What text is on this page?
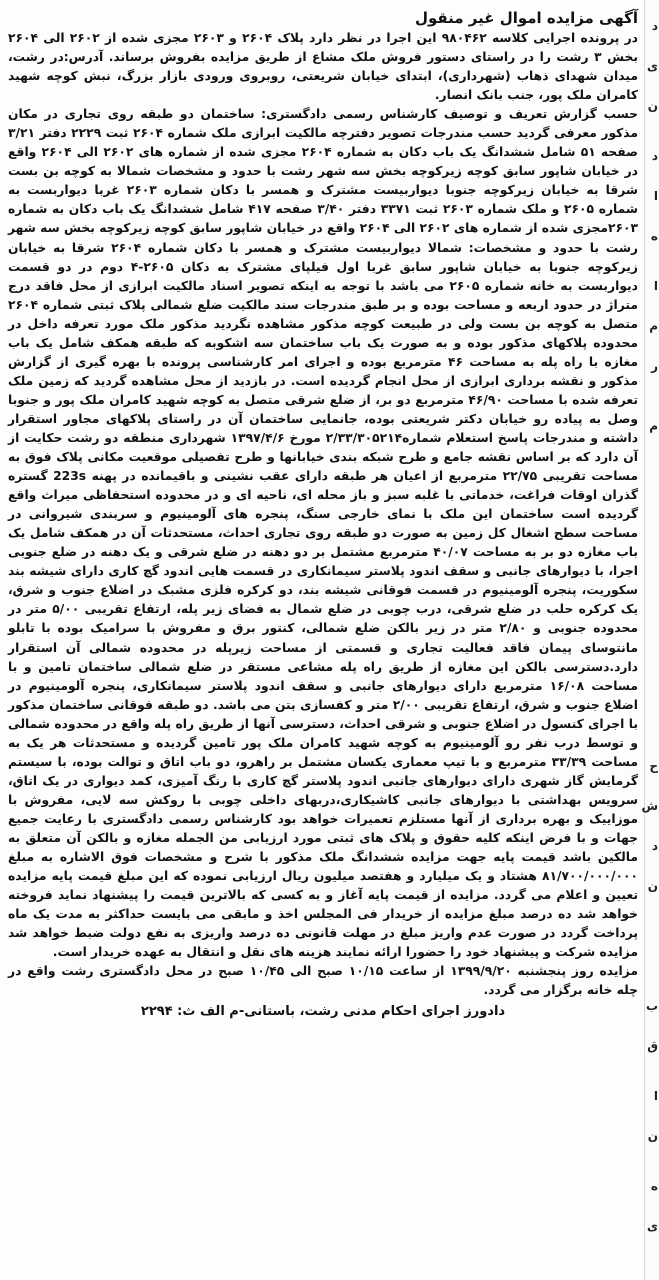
آگهی مزایده اموال غیر منقول

در پرونده اجرایی کلاسه ۹۸۰۴۶۲ این اجرا در نظر دارد پلاک ۲۶۰۴ و ۲۶۰۳ مجزی شده از ۲۶۰۲ الی ۲۶۰۴ بخش ۳ رشت را در راستای دستور فروش ملک مشاع از طریق مزایده بفروش برساند. آدرس:در رشت، میدان شهدای ذهاب (شهرداری)، ابتدای خیابان شریعتی، روبروی ورودی بازار بزرگ، نبش کوچه شهید کامران ملک پور، جنب بانک انصار.

حسب گزارش تعریف و توصیف کارشناس رسمی دادگستری: ساختمان دو طبقه روی تجاری در مکان مذکور معرفی گردید حسب مندرجات تصویر دفترچه مالکیت ابرازی ملک شماره ۲۶۰۴ ثبت ۲۲۲۹ دفتر ۳/۲۱ صفحه ۵۱ شامل ششدانگ یک باب دکان به شماره ۲۶۰۴ مجزی شده از شماره های ۲۶۰۲ الی ۲۶۰۴ واقع در خیابان شاپور سابق کوچه زیرکوچه بخش سه شهر رشت با حدود و مشخصات شمالا به کوچه بن بست شرقا به خیابان زیرکوچه جنوبا دیواربیست مشترک و همسر با دکان شماره ۲۶۰۳ غربا دیواربست به شماره ۲۶۰۵ و ملک شماره ۲۶۰۳ ثبت ۳۳۷۱ دفتر ۳/۴۰ صفحه ۴۱۷ شامل ششدانگ یک باب دکان به شماره ۲۶۰۳مجزی شده از شماره های ۲۶۰۲ الی ۲۶۰۴ واقع در خیابان شاپور سابق کوچه زیرکوچه بخش سه شهر رشت با حدود و مشخصات: شمالا دیواربیست مشترک و همسر با دکان شماره ۲۶۰۴ شرقا به خیابان زیرکوچه جنوبا به خیابان شاپور سابق غربا اول فیلپای مشترک به دکان ۲۶۰۵-۴ دوم در دو قسمت دیواربست به خانه شماره ۲۶۰۵ می باشد با توجه به اینکه تصویر اسناد مالکیت ابرازی از محل فاقد درج متراژ در حدود اربعه و مساحت بوده و بر طبق مندرجات سند مالکیت ضلع شمالی پلاک ثبتی شماره ۲۶۰۴ متصل به کوچه بن بست ولی در طبیعت کوچه مذکور مشاهده نگردید مذکور ملک مورد تعرفه داخل در محدوده پلاکهای مذکور بوده و به صورت یک باب ساختمان سه اشکوبه که طبقه همکف شامل یک باب مغازه با راه پله به مساحت ۴۶ مترمربع بوده و اجرای امر کارشناسی پرونده با بهره گیری از گزارش مذکور و نقشه برداری ابرازی از محل انجام گردیده است. در بازدید از محل مشاهده گردید که زمین ملک تعرفه شده با مساحت ۴۶/۹۰ مترمربع دو بر، از ضلع شرقی متصل به کوچه شهید کامران ملک پور و جنوبا وصل به پیاده رو خیابان دکتر شریعتی بوده، جانمایی ساختمان آن در راستای پلاکهای مجاور استقرار داشته و مندرجات پاسخ استعلام شماره۲/۳۳/۳۰۵۲۱۴ مورخ ۱۳۹۷/۴/۶ شهرداری منطقه دو رشت حکایت از آن دارد که بر اساس نقشه جامع و طرح شبکه بندی خیابانها و طرح تفصیلی موقعیت مکانی پلاک فوق به مساحت تقریبی ۲۲/۷۵ مترمربع از اعیان هر طبقه دارای عقب نشینی و باقیمانده در پهنه 223s گستره گذران اوقات فراغت، خدماتی با غلبه سبز و باز محله ای، ناحیه ای و در محدوده استحفاظی میراث واقع گردیده است ساختمان این ملک با نمای خارجی سنگ، پنجره های آلومینیوم و سربندی شیروانی در مساحت سطح اشغال کل زمین به صورت دو طبقه روی تجاری احداث، مستحدثات آن در همکف شامل یک باب مغازه دو بر به مساحت ۴۰/۰۷ مترمربع مشتمل بر دو دهنه در ضلع شرقی و یک دهنه در ضلع جنوبی اجرا، با دیوارهای جانبی و سقف اندود پلاستر سیمانکاری در قسمت هایی اندود گچ کاری دارای شیشه بند سکوریت، پنجره آلومینیوم در قسمت فوقانی شیشه بند، دو کرکره فلزی مشبک در اضلاع جنوب و شرق، یک کرکره حلب در ضلع شرقی، درب چوبی در ضلع شمال به فضای زیر پله، ارتفاع تقریبی ۵/۰۰ متر در محدوده جنوبی و ۲/۸۰ متر در زیر بالکن ضلع شمالی، کنتور برق و مفروش با سرامیک بوده با تابلو مانتوسای پیمان فاقد فعالیت تجاری و قسمتی از مساحت زیرپله در محدوده شمالی آن استقرار دارد.دسترسی بالکن این مغازه از طریق راه پله مشاعی مستقر در ضلع شمالی ساختمان تامین و با مساحت ۱۶/۰۸ مترمربع دارای دیوارهای جانبی و سقف اندود پلاستر سیمانکاری، پنجره آلومینیوم در اضلاع جنوب و شرق، ارتفاع تقریبی ۲/۰۰ متر و کفسازی بتن می باشد. دو طبقه فوقانی ساختمان مذکور با اجرای کنسول در اضلاع جنوبی و شرقی احداث، دسترسی آنها از طریق راه پله واقع در محدوده شمالی و توسط درب نفر رو آلومینیوم به کوچه شهید کامران ملک پور تامین گردیده و مستحدثات هر یک به مساحت ۳۳/۳۹ مترمربع و با تیپ معماری یکسان مشتمل بر راهرو، دو باب اتاق و توالت بوده، با سیستم گرمایش گاز شهری دارای دیوارهای جانبی اندود پلاستر گچ کاری با رنگ آمیزی، کمد دیواری در یک اتاق، سرویس بهداشتی با دیوارهای جانبی کاشیکاری،دربهای داخلی چوبی با روکش سه لایی، مفروش با موزاییک و بهره برداری از آنها مستلزم تعمیرات خواهد بود کارشناس رسمی دادگستری با رعایت جمیع جهات و با فرض اینکه کلیه حقوق و پلاک های ثبتی مورد ارزیابی من الجمله مغازه و بالکن آن متعلق به مالکین باشد قیمت پایه جهت مزایده ششدانگ ملک مذکور با شرح و مشخصات فوق الاشاره به مبلغ ۸۱/۷۰۰/۰۰۰/۰۰۰ هشتاد و یک میلیارد و هفتصد میلیون ریال ارزیابی نموده که این مبلغ قیمت پایه مزایده تعیین و اعلام می گردد. مزایده از قیمت پایه آغاز و به کسی که بالاترین قیمت را پیشنهاد نماید فروخته خواهد شد ده درصد مبلغ مزایده از خریدار فی المجلس اخذ و مابقی می بایست حداکثر به مدت یک ماه پرداخت گردد در صورت عدم واریز مبلغ در مهلت قانونی ده درصد واریزی به نفع دولت ضبط خواهد شد مزایده شرکت و پیشنهاد خود را حضورا ارائه نمایند هزینه های نقل و انتقال به عهده خریدار است.

مزایده روز پنجشنبه ۱۳۹۹/۹/۲۰ از ساعت ۱۰/۱۵ صبح الی ۱۰/۴۵ صبح در محل دادگستری رشت واقع در چله خانه برگزار می گردد.

دادورز اجرای احکام مدنی رشت، باستانی-م الف ث: ۲۲۹۴

د
ی
ن
د
ا
ه
ا
م
ر
م
ح
ش
د
ن
ب
ق
ا
ن
ه
ی
